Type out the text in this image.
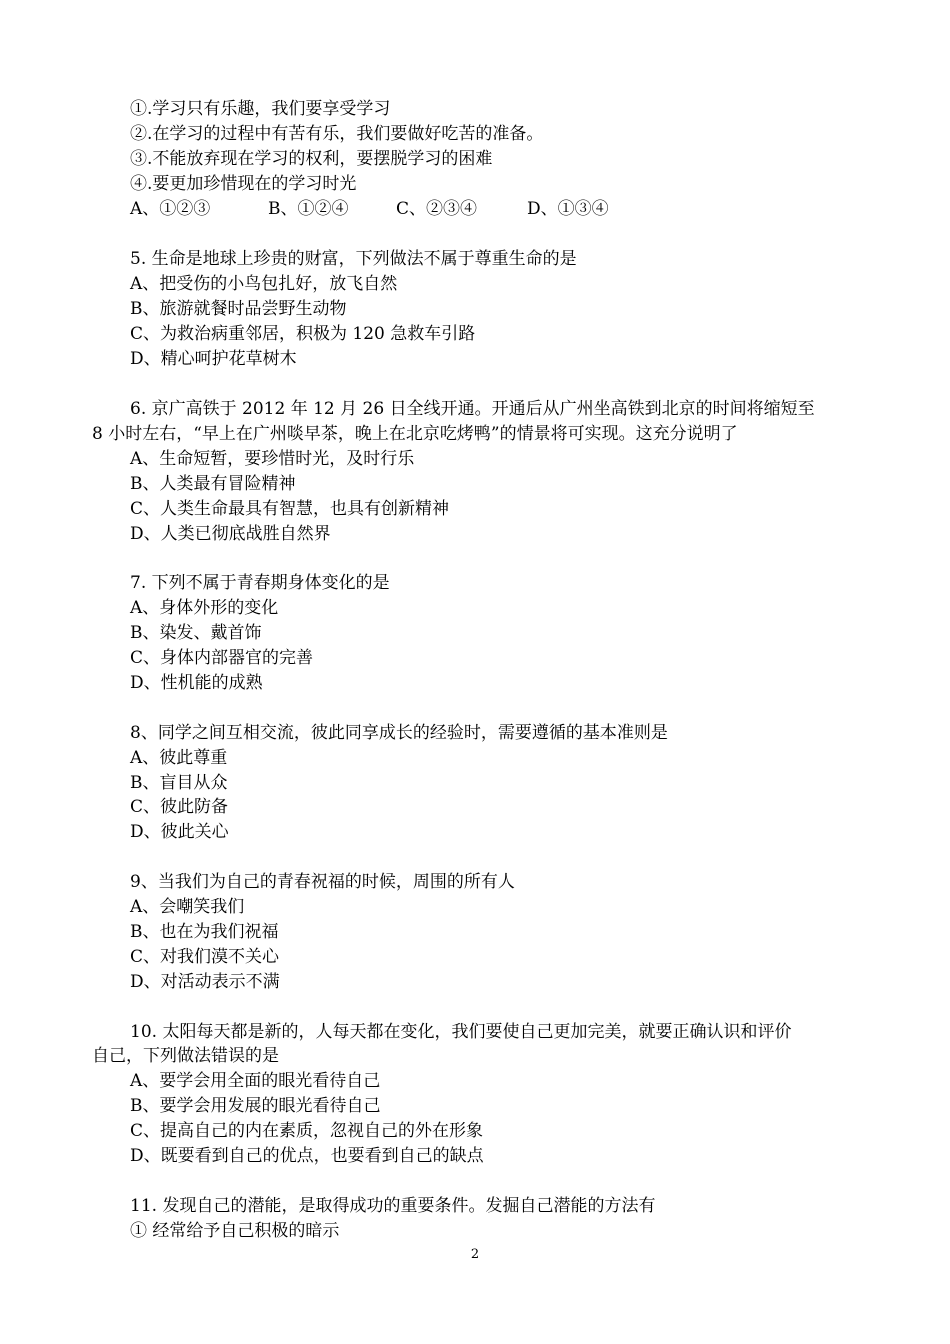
①.学习只有乐趣，我们要享受学习
②.在学习的过程中有苦有乐，我们要做好吃苦的准备。
③.不能放弃现在学习的权利，要摆脱学习的困难
④.要更加珍惜现在的学习时光
A、①②③	B、①②④	C、②③④	D、①③④
5. 生命是地球上珍贵的财富，下列做法不属于尊重生命的是
A、把受伤的小鸟包扎好，放飞自然
B、旅游就餐时品尝野生动物
C、为救治病重邻居，积极为 120 急救车引路
D、精心呵护花草树木
6. 京广高铁于 2012 年 12 月 26 日全线开通。开通后从广州坐高铁到北京的时间将缩短至
8 小时左右，“早上在广州啖早茶，晚上在北京吃烤鸭”的情景将可实现。这充分说明了
A、生命短暂，要珍惜时光，及时行乐
B、人类最有冒险精神
C、人类生命最具有智慧，也具有创新精神
D、人类已彻底战胜自然界
7. 下列不属于青春期身体变化的是
A、身体外形的变化
B、染发、戴首饰
C、身体内部器官的完善
D、性机能的成熟
8、同学之间互相交流，彼此同享成长的经验时，需要遵循的基本准则是
A、彼此尊重
B、盲目从众
C、彼此防备
D、彼此关心
9、当我们为自己的青春祝福的时候，周围的所有人
A、会嘲笑我们
B、也在为我们祝福
C、对我们漠不关心
D、对活动表示不满
10. 太阳每天都是新的，人每天都在变化，我们要使自己更加完美，就要正确认识和评价
自己，下列做法错误的是
A、要学会用全面的眼光看待自己
B、要学会用发展的眼光看待自己
C、提高自己的内在素质，忽视自己的外在形象
D、既要看到自己的优点，也要看到自己的缺点
11. 发现自己的潜能，是取得成功的重要条件。发掘自己潜能的方法有
① 经常给予自己积极的暗示
2
